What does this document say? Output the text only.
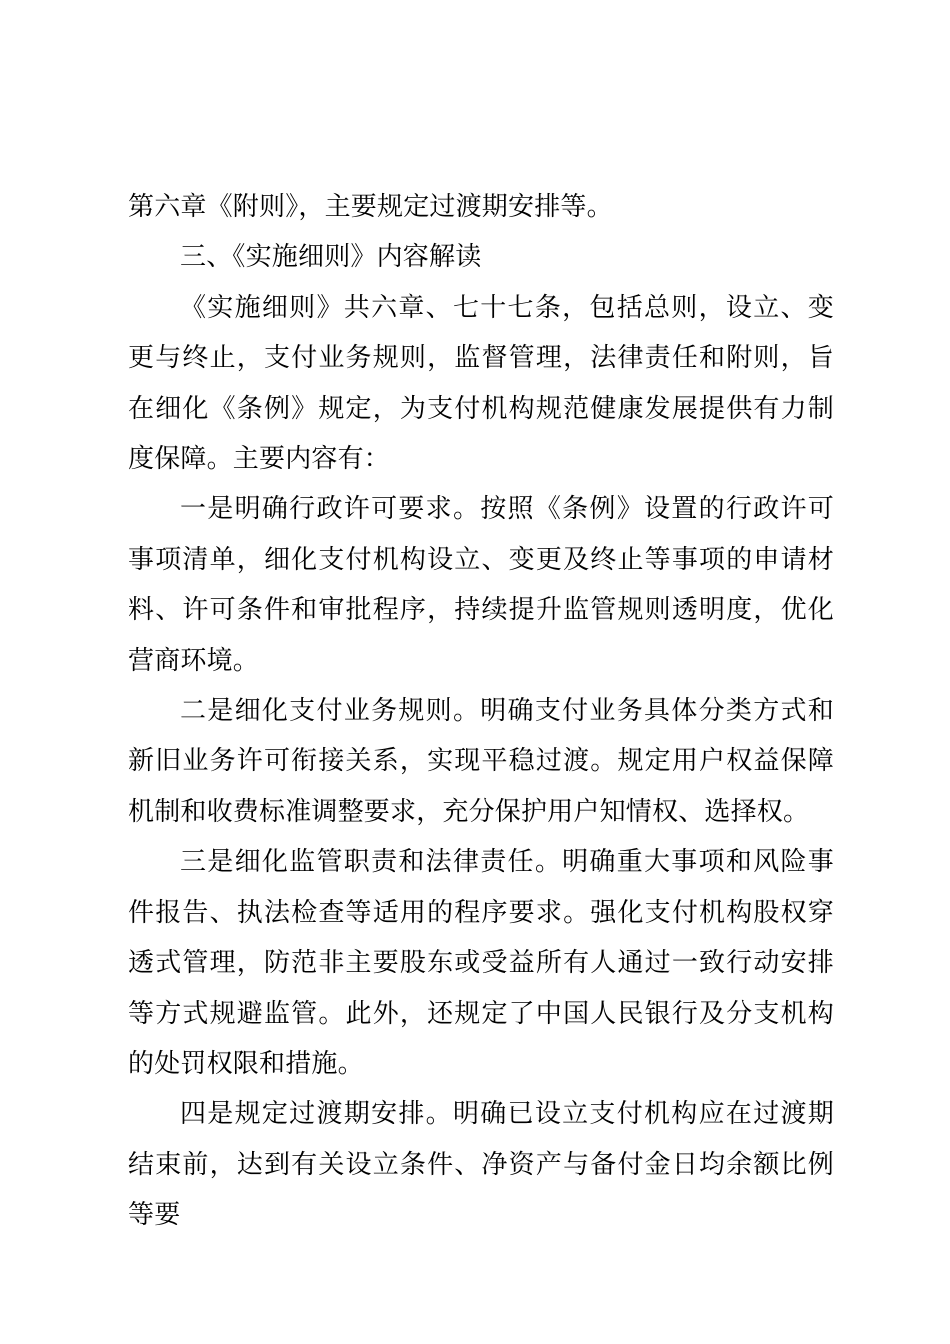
第六章《附则》，主要规定过渡期安排等。

三、《实施细则》内容解读

《实施细则》共六章、七十七条，包括总则，设立、变更与终止，支付业务规则，监督管理，法律责任和附则，旨在细化《条例》规定，为支付机构规范健康发展提供有力制度保障。主要内容有：

一是明确行政许可要求。按照《条例》设置的行政许可事项清单，细化支付机构设立、变更及终止等事项的申请材料、许可条件和审批程序，持续提升监管规则透明度，优化营商环境。

二是细化支付业务规则。明确支付业务具体分类方式和新旧业务许可衔接关系，实现平稳过渡。规定用户权益保障机制和收费标准调整要求，充分保护用户知情权、选择权。

三是细化监管职责和法律责任。明确重大事项和风险事件报告、执法检查等适用的程序要求。强化支付机构股权穿透式管理，防范非主要股东或受益所有人通过一致行动安排等方式规避监管。此外，还规定了中国人民银行及分支机构的处罚权限和措施。

四是规定过渡期安排。明确已设立支付机构应在过渡期结束前，达到有关设立条件、净资产与备付金日均余额比例等要
